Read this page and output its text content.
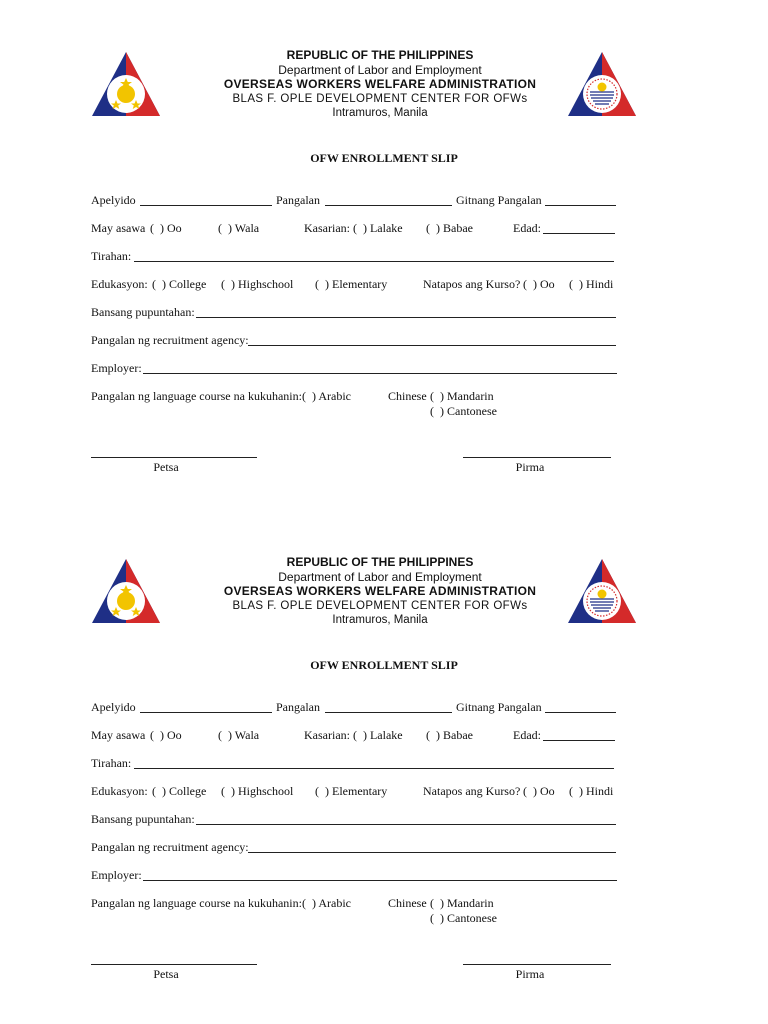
REPUBLIC OF THE PHILIPPINES
Department of Labor and Employment
OVERSEAS WORKERS WELFARE ADMINISTRATION
BLAS F. OPLE DEVELOPMENT CENTER FOR OFWs
Intramuros, Manila
OFW ENROLLMENT SLIP
Apelyido	Pangalan	Gitnang Pangalan
May asawa (  ) Oo	(  ) Wala	Kasarian: (  ) Lalake (  ) Babae	Edad:
Tirahan:
Edukasyon: (  ) College (  ) Highschool (  ) Elementary	Natapos ang Kurso? (  ) Oo (  ) Hindi
Bansang pupuntahan:
Pangalan ng recruitment agency:
Employer:
Pangalan ng language course na kukuhanin: (  ) Arabic	Chinese (  ) Mandarin
(  ) Cantonese
Petsa	Pirma
REPUBLIC OF THE PHILIPPINES
Department of Labor and Employment
OVERSEAS WORKERS WELFARE ADMINISTRATION
BLAS F. OPLE DEVELOPMENT CENTER FOR OFWs
Intramuros, Manila
OFW ENROLLMENT SLIP
Apelyido	Pangalan	Gitnang Pangalan
May asawa (  ) Oo	(  ) Wala	Kasarian: (  ) Lalake (  ) Babae	Edad:
Tirahan:
Edukasyon: (  ) College (  ) Highschool (  ) Elementary	Natapos ang Kurso? (  ) Oo (  ) Hindi
Bansang pupuntahan:
Pangalan ng recruitment agency:
Employer:
Pangalan ng language course na kukuhanin: (  ) Arabic	Chinese (  ) Mandarin
(  ) Cantonese
Petsa	Pirma
